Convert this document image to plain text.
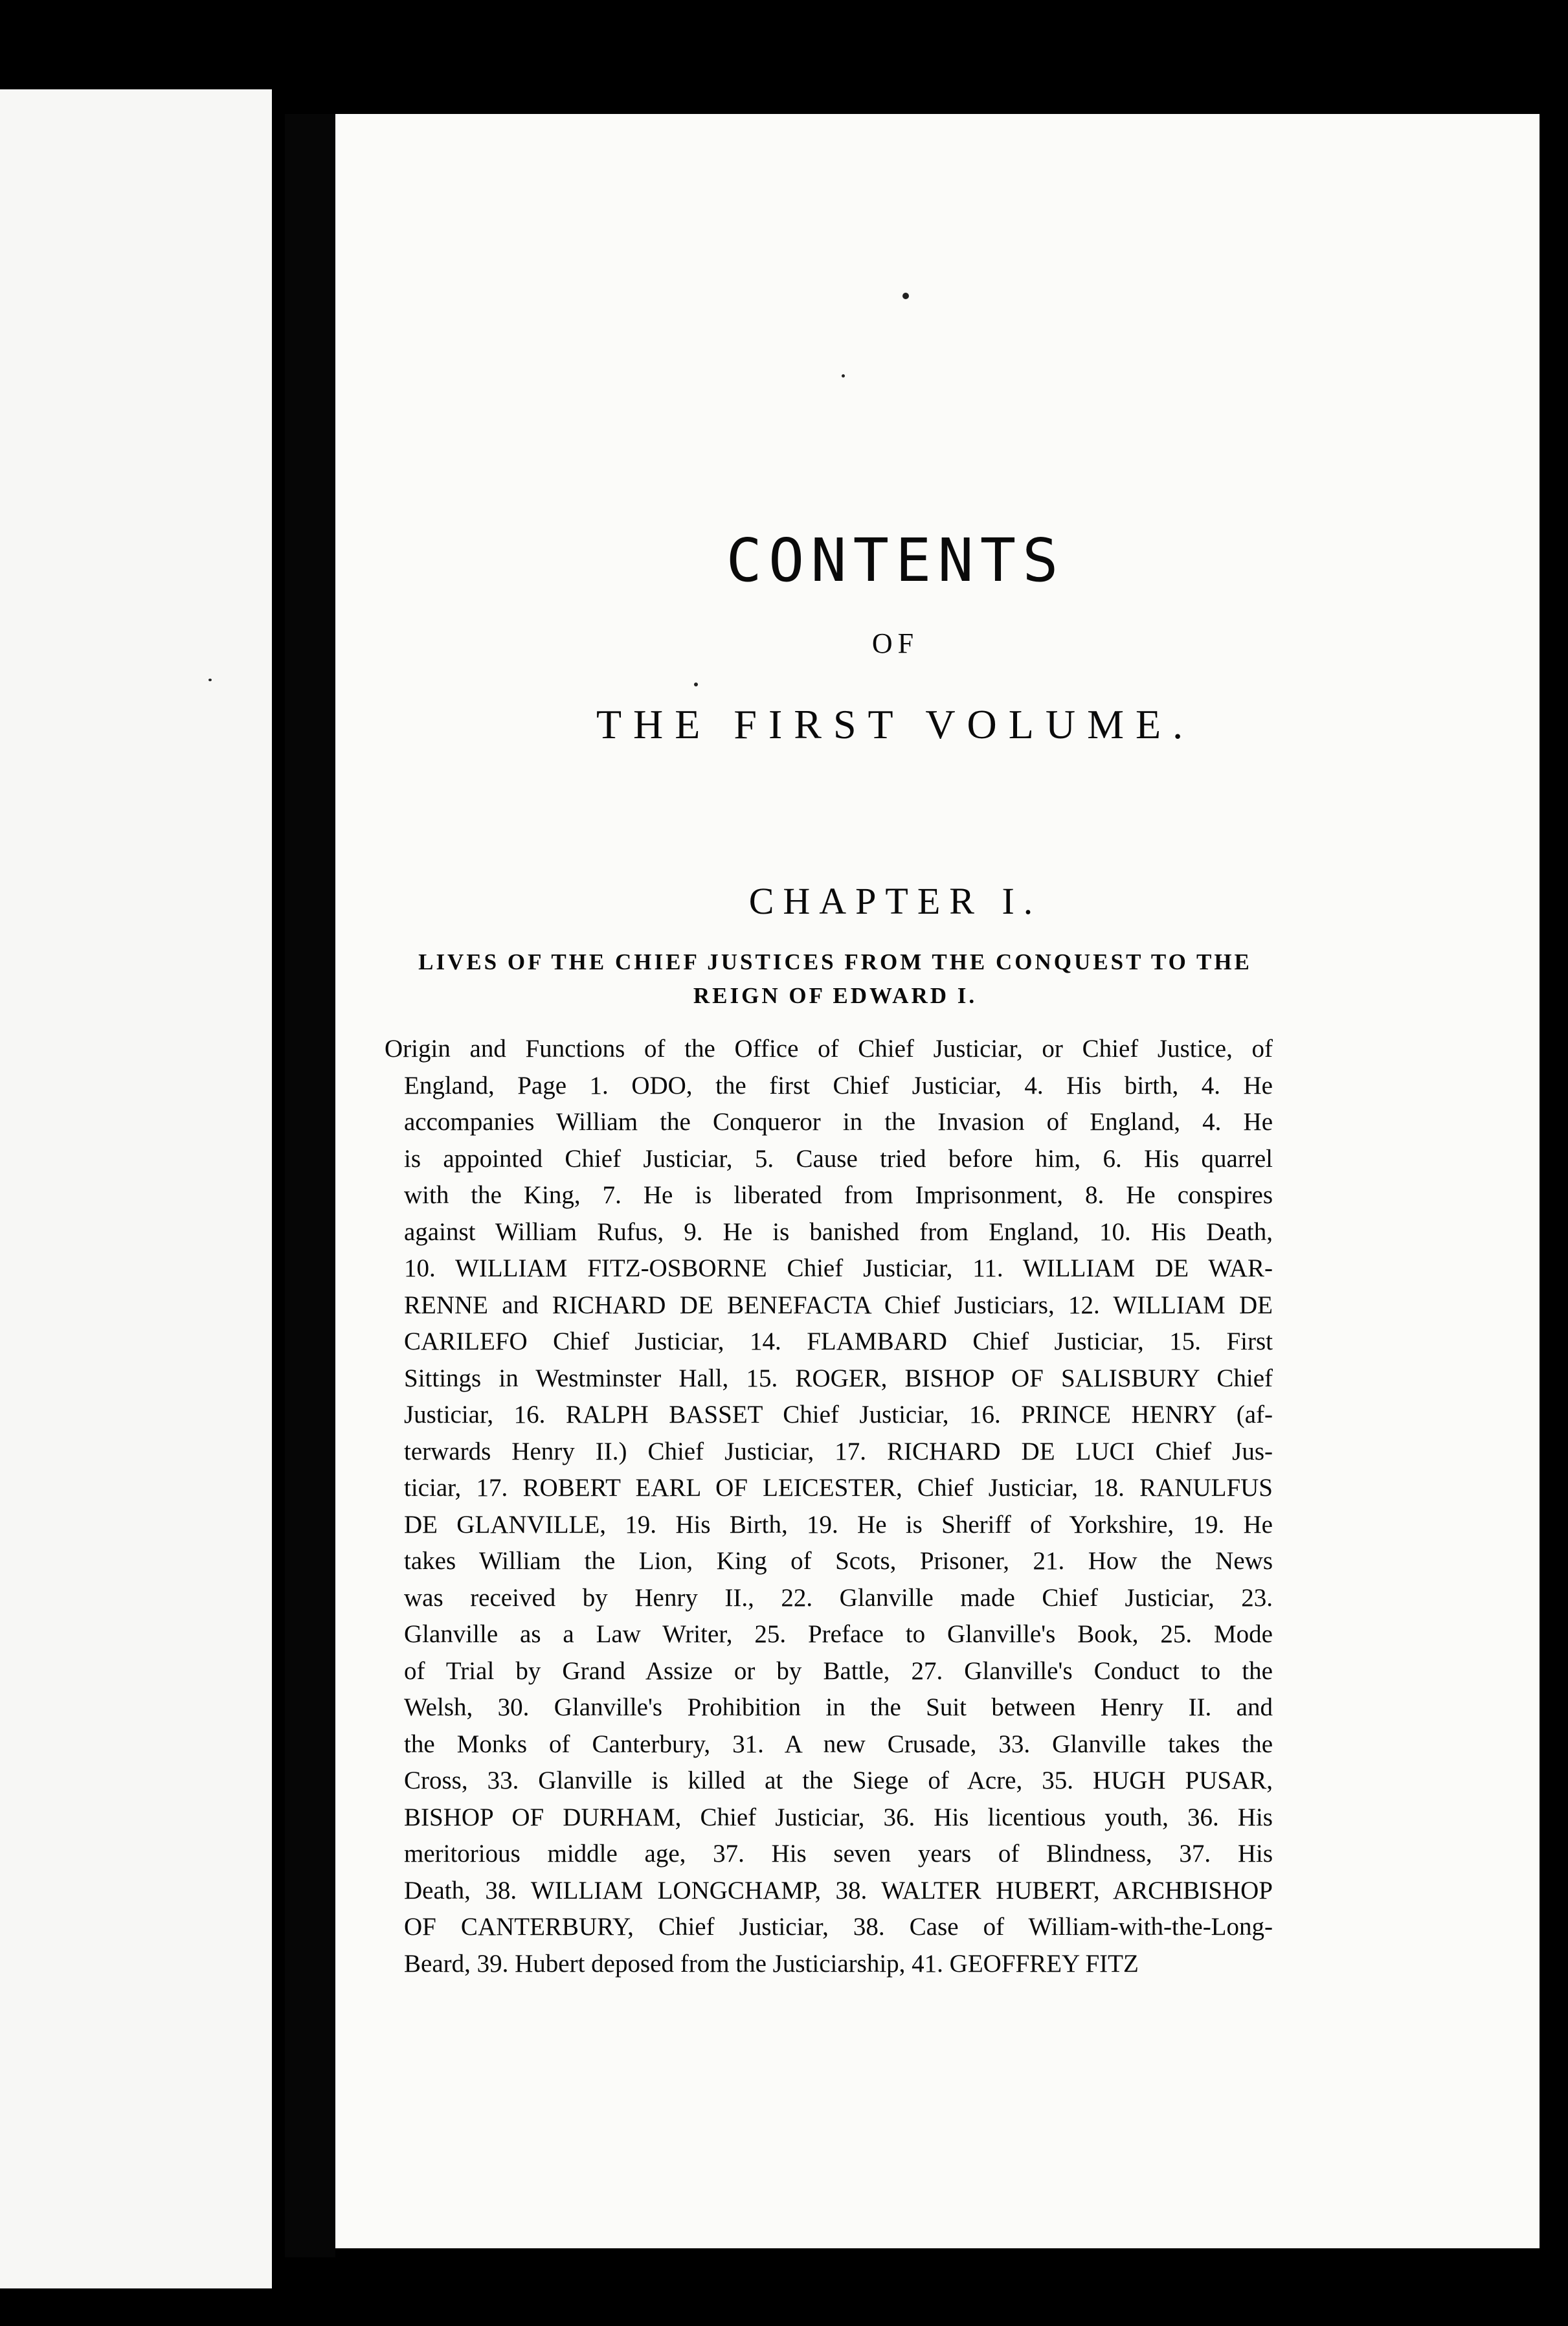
CONTENTS
OF
THE FIRST VOLUME.
CHAPTER I.
LIVES OF THE CHIEF JUSTICES FROM THE CONQUEST TO THE
REIGN OF EDWARD I.
Origin and Functions of the Office of Chief Justiciar, or Chief Justice, of
England, Page 1. ODO, the first Chief Justiciar, 4. His birth, 4. He
accompanies William the Conqueror in the Invasion of England, 4. He
is appointed Chief Justiciar, 5. Cause tried before him, 6. His quarrel
with the King, 7. He is liberated from Imprisonment, 8. He conspires
against William Rufus, 9. He is banished from England, 10. His Death,
10. WILLIAM FITZ-OSBORNE Chief Justiciar, 11. WILLIAM DE WAR-
RENNE and RICHARD DE BENEFACTA Chief Justiciars, 12. WILLIAM DE
CARILEFO Chief Justiciar, 14. FLAMBARD Chief Justiciar, 15. First
Sittings in Westminster Hall, 15. ROGER, BISHOP OF SALISBURY Chief
Justiciar, 16. RALPH BASSET Chief Justiciar, 16. PRINCE HENRY (af-
terwards Henry II.) Chief Justiciar, 17. RICHARD DE LUCI Chief Jus-
ticiar, 17. ROBERT EARL OF LEICESTER, Chief Justiciar, 18. RANULFUS
DE GLANVILLE, 19. His Birth, 19. He is Sheriff of Yorkshire, 19. He
takes William the Lion, King of Scots, Prisoner, 21. How the News
was received by Henry II., 22. Glanville made Chief Justiciar, 23.
Glanville as a Law Writer, 25. Preface to Glanville's Book, 25. Mode
of Trial by Grand Assize or by Battle, 27. Glanville's Conduct to the
Welsh, 30. Glanville's Prohibition in the Suit between Henry II. and
the Monks of Canterbury, 31. A new Crusade, 33. Glanville takes the
Cross, 33. Glanville is killed at the Siege of Acre, 35. HUGH PUSAR,
BISHOP OF DURHAM, Chief Justiciar, 36. His licentious youth, 36. His
meritorious middle age, 37. His seven years of Blindness, 37. His
Death, 38. WILLIAM LONGCHAMP, 38. WALTER HUBERT, ARCHBISHOP
OF CANTERBURY, Chief Justiciar, 38. Case of William-with-the-Long-
Beard, 39. Hubert deposed from the Justiciarship, 41. GEOFFREY FITZ
